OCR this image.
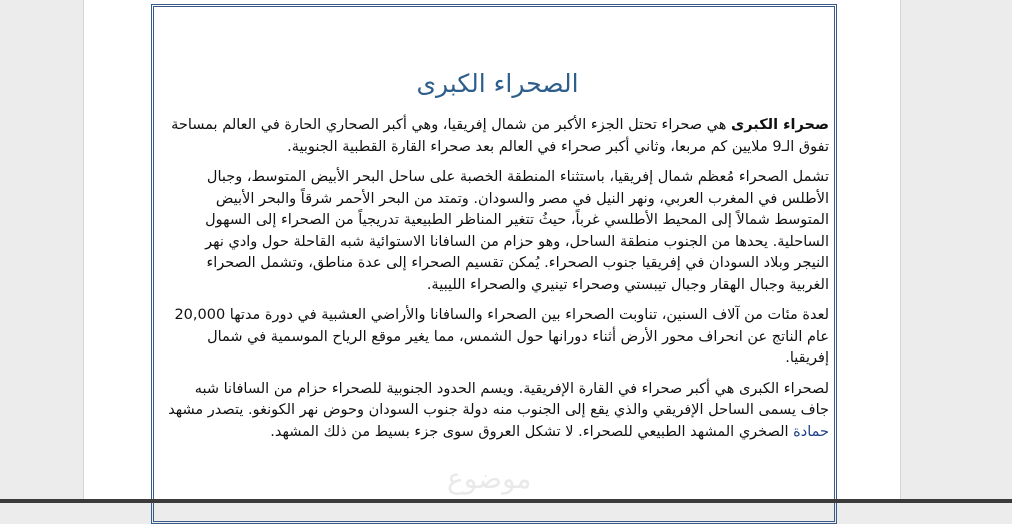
الصحراء الكبرى

صحراء الكبرى هي صحراء تحتل الجزء الأكبر من شمال إفريقيا، وهي أكبر الصحاري الحارة في العالم بمساحة تفوق الـ9 ملايين كم مربعا، وثاني أكبر صحراء في العالم بعد صحراء القارة القطبية الجنوبية.

تشمل الصحراء مُعظم شمال إفريقيا، باستثناء المنطقة الخصبة على ساحل البحر الأبيض المتوسط، وجبال الأطلس في المغرب العربي، ونهر النيل في مصر والسودان. وتمتد من البحر الأحمر شرقاً والبحر الأبيض المتوسط شمالاً إلى المحيط الأطلسي غرباً، حيثُ تتغير المناظر الطبيعية تدريجياً من الصحراء إلى السهول الساحلية. يحدها من الجنوب منطقة الساحل، وهو حزام من السافانا الاستوائية شبه القاحلة حول وادي نهر النيجر وبلاد السودان في إفريقيا جنوب الصحراء. يُمكن تقسيم الصحراء إلى عدة مناطق، وتشمل الصحراء الغربية وجبال الهقار وجبال تيبستي وصحراء تينيري والصحراء الليبية.

لعدة مئات من آلاف السنين، تناوبت الصحراء بين الصحراء والسافانا والأراضي العشبية في دورة مدتها 20,000 عام الناتج عن انحراف محور الأرض أثناء دورانها حول الشمس، مما يغير موقع الرياح الموسمية في شمال إفريقيا.

لصحراء الكبرى هي أكبر صحراء في القارة الإفريقية. ويسم الحدود الجنوبية للصحراء حزام من السافانا شبه جاف يسمى الساحل الإفريقي والذي يقع إلى الجنوب منه دولة جنوب السودان وحوض نهر الكونغو. يتصدر مشهد حمادة الصخري المشهد الطبيعي للصحراء. لا تشكل العروق سوى جزء بسيط من ذلك المشهد.

موضوع
